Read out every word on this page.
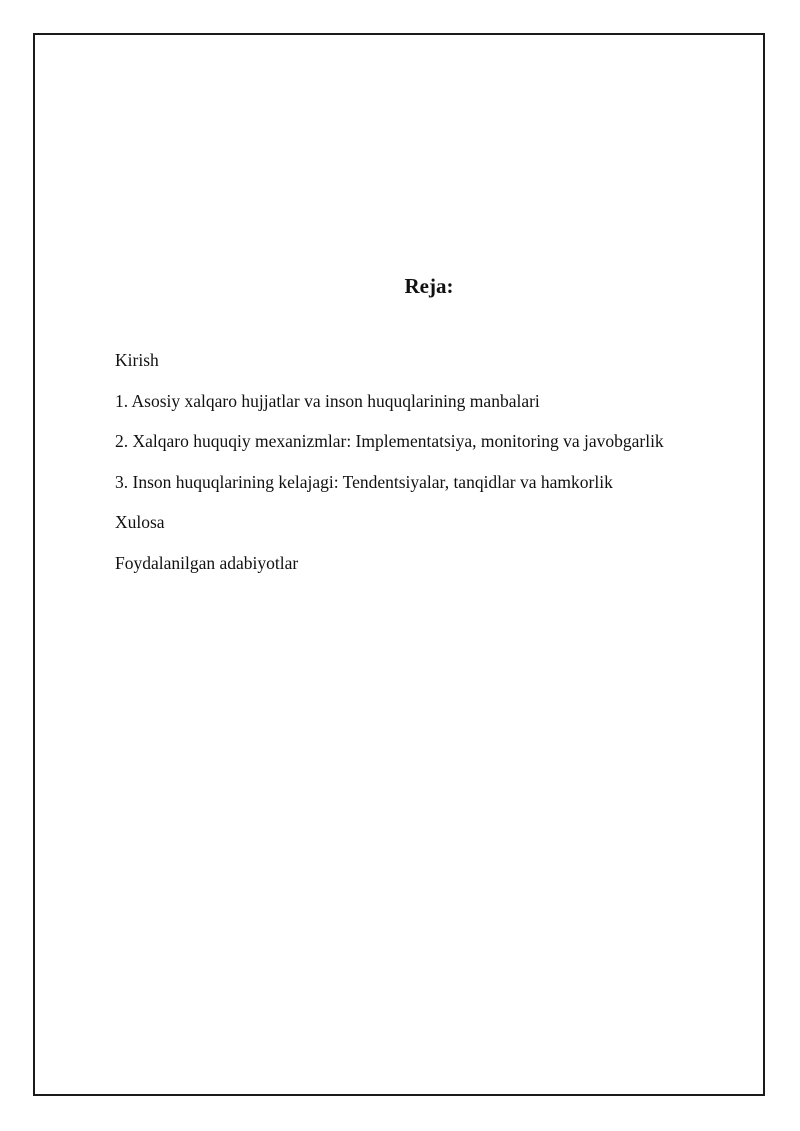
Reja:
Kirish
1. Asosiy xalqaro hujjatlar va inson huquqlarining manbalari
2. Xalqaro huquqiy mexanizmlar: Implementatsiya, monitoring va javobgarlik
3. Inson huquqlarining kelajagi: Tendentsiyalar, tanqidlar va hamkorlik
Xulosa
Foydalanilgan adabiyotlar
